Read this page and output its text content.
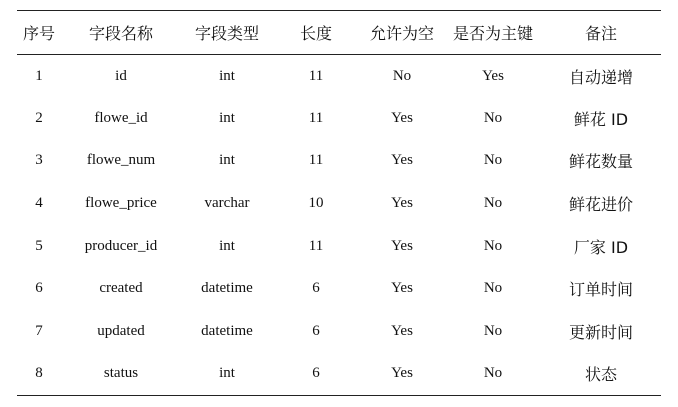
序号	字段名称	字段类型	长度	允许为空	是否为主键	备注
1	id	int	11	No	Yes	自动递增
2	flowe_id	int	11	Yes	No	鲜花 ID
3	flowe_num	int	11	Yes	No	鲜花数量
4	flowe_price	varchar	10	Yes	No	鲜花进价
5	producer_id	int	11	Yes	No	厂家 ID
6	created	datetime	6	Yes	No	订单时间
7	updated	datetime	6	Yes	No	更新时间
8	status	int	6	Yes	No	状态
